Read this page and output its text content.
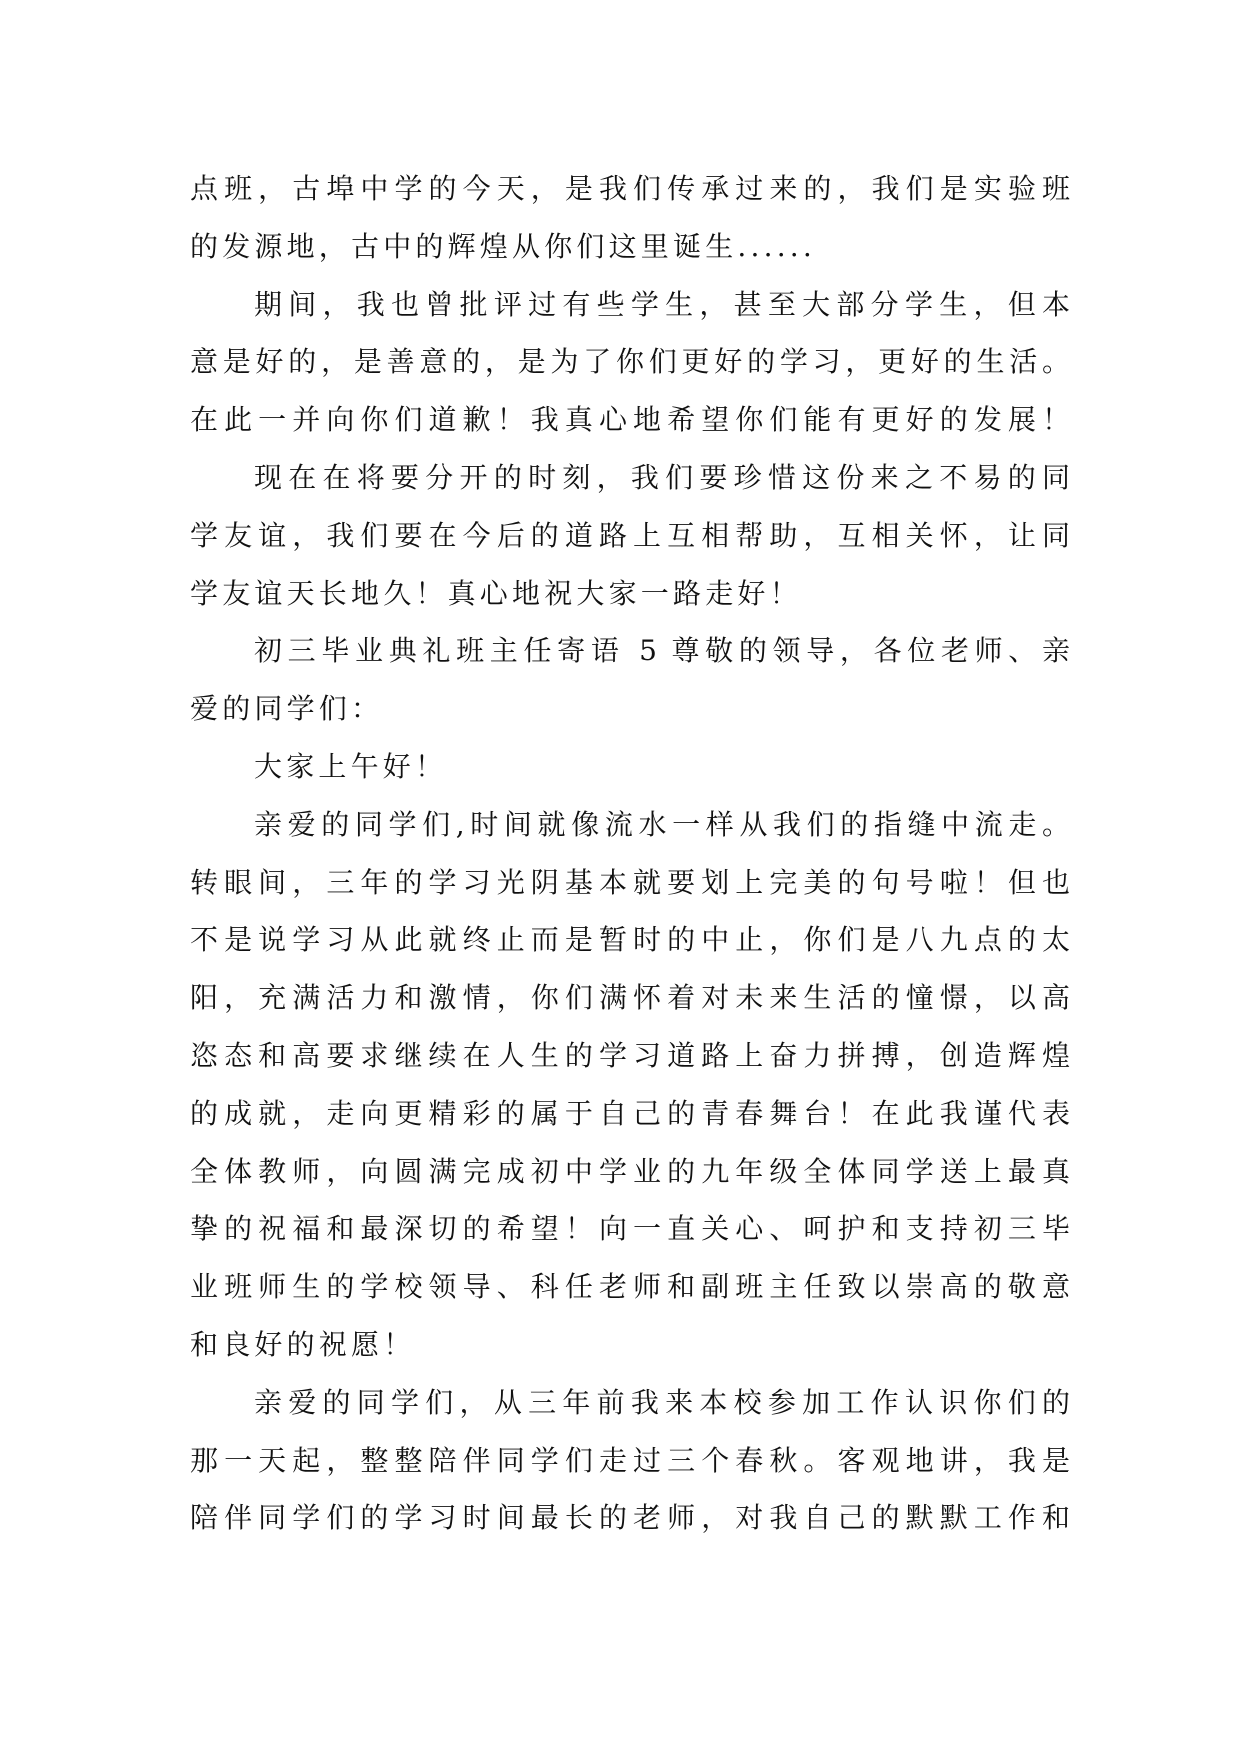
点班，古埠中学的今天，是我们传承过来的，我们是实验班
的发源地，古中的辉煌从你们这里诞生......
期间，我也曾批评过有些学生，甚至大部分学生，但本
意是好的，是善意的，是为了你们更好的学习，更好的生活。
在此一并向你们道歉！我真心地希望你们能有更好的发展！
现在在将要分开的时刻，我们要珍惜这份来之不易的同
学友谊，我们要在今后的道路上互相帮助，互相关怀，让同
学友谊天长地久！真心地祝大家一路走好！
初三毕业典礼班主任寄语 5 尊敬的领导，各位老师、亲
爱的同学们：
大家上午好！
亲爱的同学们,时间就像流水一样从我们的指缝中流走。
转眼间，三年的学习光阴基本就要划上完美的句号啦！但也
不是说学习从此就终止而是暂时的中止，你们是八九点的太
阳，充满活力和激情，你们满怀着对未来生活的憧憬，以高
恣态和高要求继续在人生的学习道路上奋力拼搏，创造辉煌
的成就，走向更精彩的属于自己的青春舞台！在此我谨代表
全体教师，向圆满完成初中学业的九年级全体同学送上最真
挚的祝福和最深切的希望！向一直关心、呵护和支持初三毕
业班师生的学校领导、科任老师和副班主任致以崇高的敬意
和良好的祝愿！
亲爱的同学们，从三年前我来本校参加工作认识你们的
那一天起，整整陪伴同学们走过三个春秋。客观地讲，我是
陪伴同学们的学习时间最长的老师，对我自己的默默工作和
